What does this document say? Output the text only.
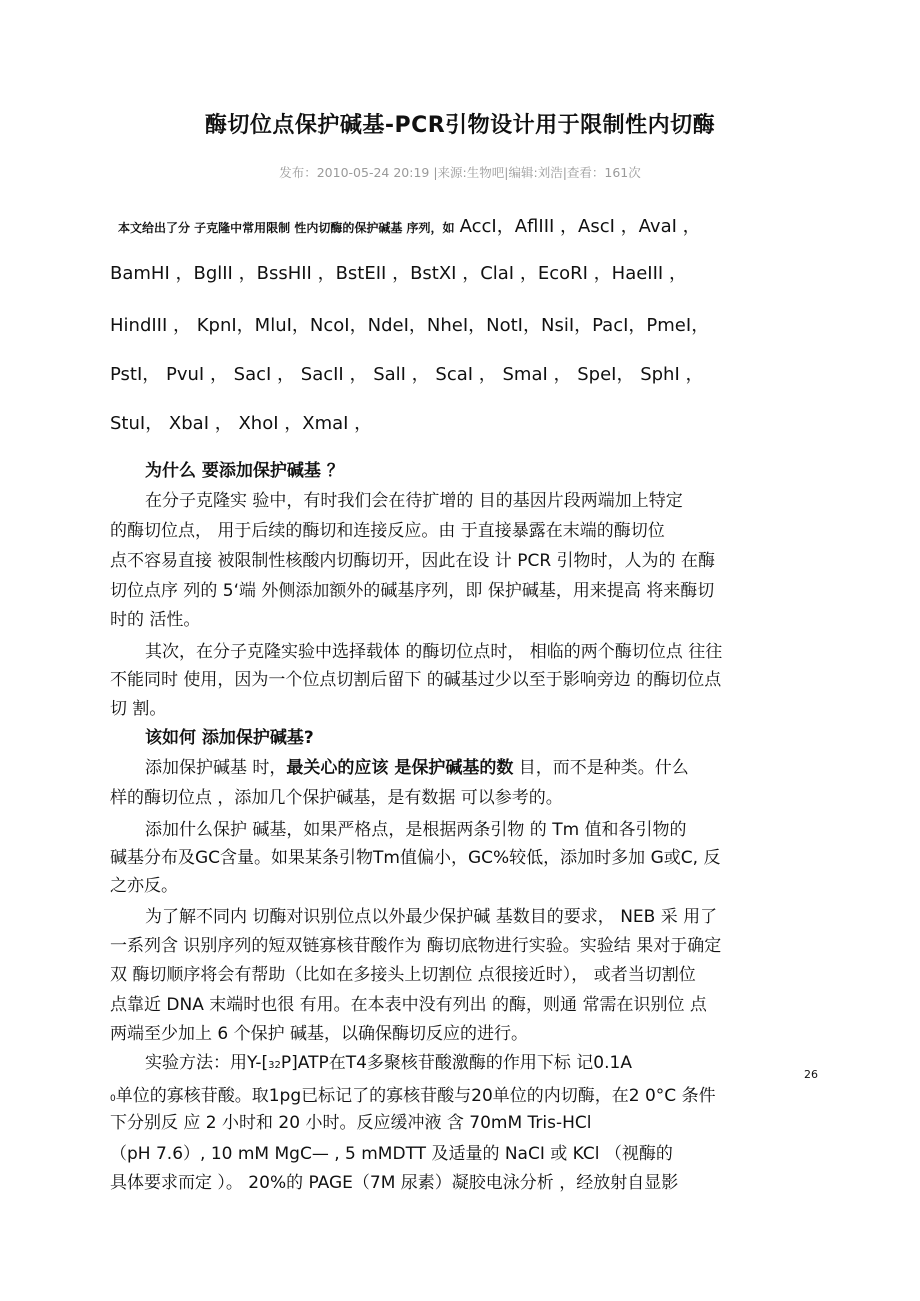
酶切位点保护碱基-PCR引物设计用于限制性内切酶
发布：2010-05-24 20:19 |来源:生物吧|编辑:刘浩|查看：161次
本文给出了分 子克隆中常用限制 性内切酶的保护碱基 序列，如 AccI，AflIII ，AscI ，AvaI ，
BamHI ，BglII ，BssHII ，BstEII ，BstXI ，ClaI ，EcoRI ，HaeIII ，
HindIII ， KpnI，MluI，NcoI，NdeI，NheI，NotI，NsiI，PacI，PmeI，
PstI， PvuI ， SacI ， SacII ， SalI ， ScaI ， SmaI ， SpeI， SphI ，
StuI， XbaI ， XhoI ，XmaI ，
为什么 要添加保护碱基 ？
在分子克隆实 验中，有时我们会在待扩增的 目的基因片段两端加上特定
的酶切位点， 用于后续的酶切和连接反应。由 于直接暴露在末端的酶切位
点不容易直接 被限制性核酸内切酶切开，因此在设 计 PCR 引物时，人为的 在酶
切位点序 列的 5‘端 外侧添加额外的碱基序列，即 保护碱基，用来提高 将来酶切
时的 活性。
其次，在分子克隆实验中选择载体 的酶切位点时， 相临的两个酶切位点 往往
不能同时 使用，因为一个位点切割后留下 的碱基过少以至于影响旁边 的酶切位点
切 割。
该如何 添加保护碱基?
添加保护碱基 时，最关心的应该 是保护碱基的数 目，而不是种类。什么
样的酶切位点 ，添加几个保护碱基，是有数据 可以参考的。
添加什么保护 碱基，如果严格点，是根据两条引物 的 Tm 值和各引物的
碱基分布及GC含量。如果某条引物Tm值偏小，GC%较低，添加时多加 G或C, 反
之亦反。
为了解不同内 切酶对识别位点以外最少保护碱 基数目的要求， NEB 采 用了
一系列含 识别序列的短双链寡核苷酸作为 酶切底物进行实验。实验结 果对于确定
双 酶切顺序将会有帮助（比如在多接头上切割位 点很接近时）， 或者当切割位
点靠近 DNA 末端时也很 有用。在本表中没有列出 的酶，则通 常需在识别位 点
两端至少加上 6 个保护 碱基，以确保酶切反应的进行。
实验方法：用Y-[32P]ATP在T4多聚核苷酸激酶的作用下标 记0.1A
26
0单位的寡核苷酸。取1pg已标记了的寡核苷酸与20单位的内切酶，在2 0°C 条件
下分别反 应 2 小时和 20 小时。反应缓冲液 含 70mM Tris-HCl
（pH 7.6）, 10 mM MgC— , 5 mMDTT 及适量的 NaCI 或 KCl （视酶的
具体要求而定 ）。 20%的 PAGE（7M 尿素）凝胶电泳分析 ，经放射自显影
